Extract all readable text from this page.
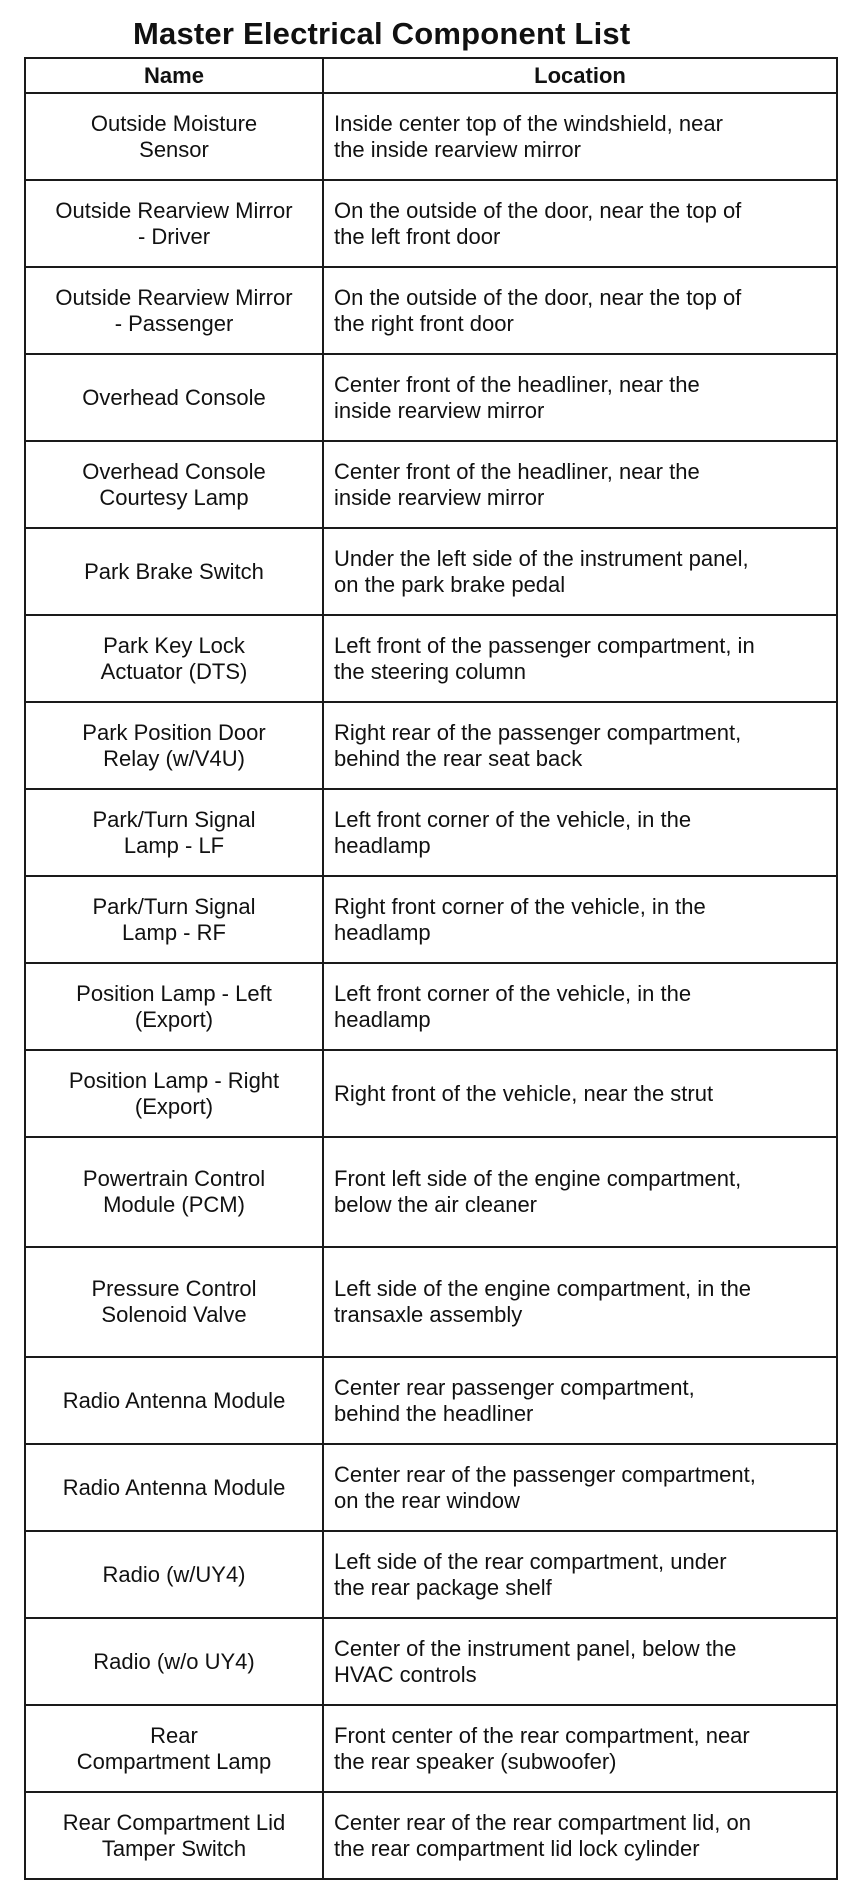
Master Electrical Component List
Name	Location

Outside Moisture
Sensor	Inside center top of the windshield, near
the inside rearview mirror

Outside Rearview Mirror
- Driver	On the outside of the door, near the top of
the left front door

Outside Rearview Mirror
- Passenger	On the outside of the door, near the top of
the right front door

Overhead Console	Center front of the headliner, near the
inside rearview mirror

Overhead Console
Courtesy Lamp	Center front of the headliner, near the
inside rearview mirror

Park Brake Switch	Under the left side of the instrument panel,
on the park brake pedal

Park Key Lock
Actuator (DTS)	Left front of the passenger compartment, in
the steering column

Park Position Door
Relay (w/V4U)	Right rear of the passenger compartment,
behind the rear seat back

Park/Turn Signal
Lamp - LF	Left front corner of the vehicle, in the
headlamp

Park/Turn Signal
Lamp - RF	Right front corner of the vehicle, in the
headlamp

Position Lamp - Left
(Export)	Left front corner of the vehicle, in the
headlamp

Position Lamp - Right
(Export)	Right front of the vehicle, near the strut

Powertrain Control
Module (PCM)	Front left side of the engine compartment,
below the air cleaner

Pressure Control
Solenoid Valve	Left side of the engine compartment, in the
transaxle assembly

Radio Antenna Module	Center rear passenger compartment,
behind the headliner

Radio Antenna Module	Center rear of the passenger compartment,
on the rear window

Radio (w/UY4)	Left side of the rear compartment, under
the rear package shelf

Radio (w/o UY4)	Center of the instrument panel, below the
HVAC controls

Rear
Compartment Lamp	Front center of the rear compartment, near
the rear speaker (subwoofer)

Rear Compartment Lid
Tamper Switch	Center rear of the rear compartment lid, on
the rear compartment lid lock cylinder
